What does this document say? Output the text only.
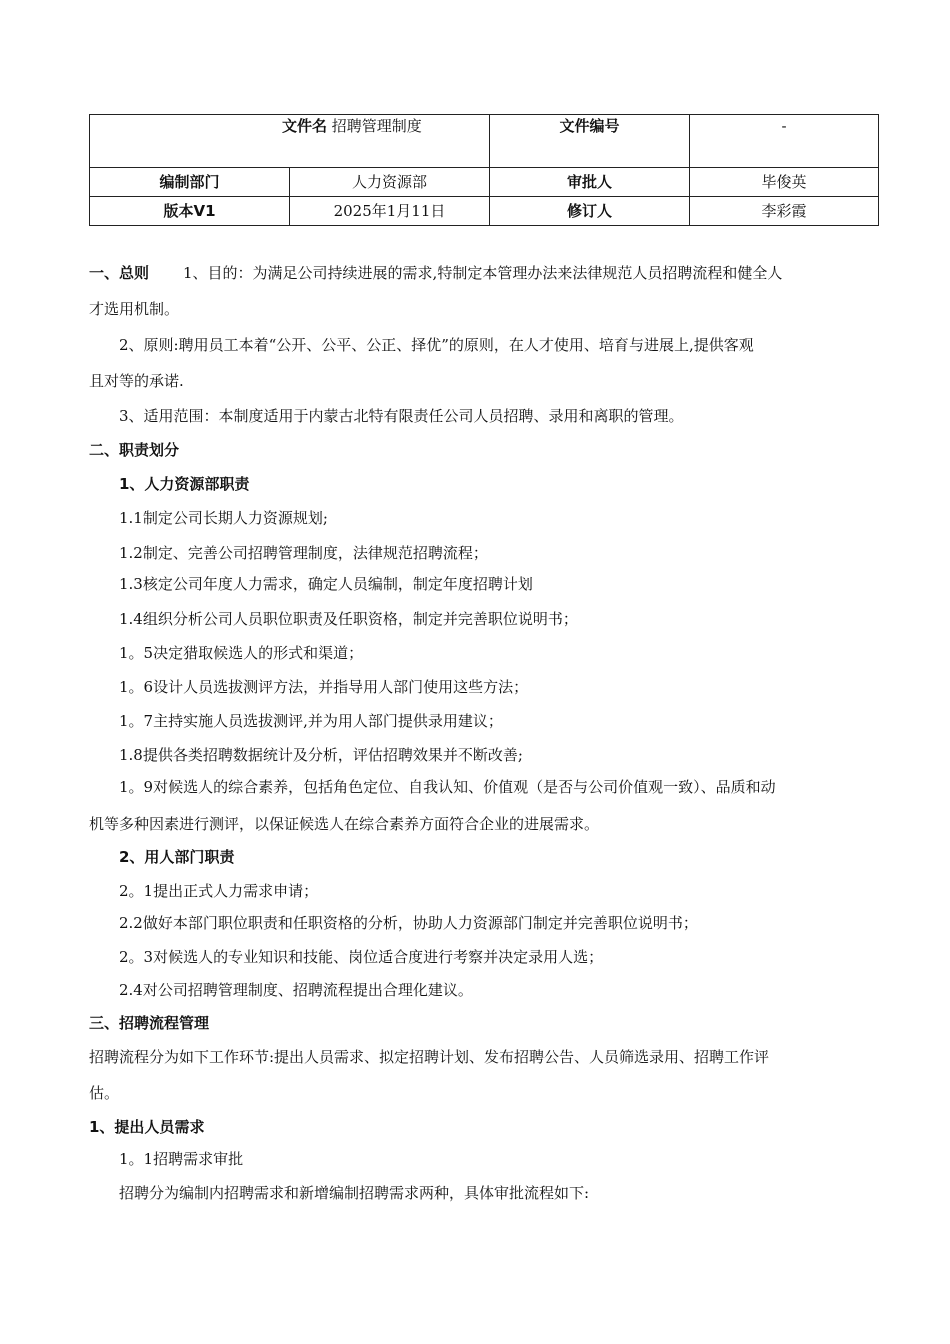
文件名 招聘管理制度		文件编号	-
编制部门	人力资源部	审批人	毕俊英
版本V1	2025年1月11日	修订人	李彩霞
一、总则 1、目的：为满足公司持续进展的需求,特制定本管理办法来法律规范人员招聘流程和健全人
才选用机制。
2、原则:聘用员工本着“公开、公平、公正、择优”的原则，在人才使用、培育与进展上,提供客观
且对等的承诺.
3、适用范围：本制度适用于内蒙古北特有限责任公司人员招聘、录用和离职的管理。
二、职责划分
1、人力资源部职责
1.1制定公司长期人力资源规划;
1.2制定、完善公司招聘管理制度，法律规范招聘流程；
1.3核定公司年度人力需求，确定人员编制，制定年度招聘计划
1.4组织分析公司人员职位职责及任职资格，制定并完善职位说明书；
1。5决定猎取候选人的形式和渠道；
1。6设计人员选拔测评方法，并指导用人部门使用这些方法；
1。7主持实施人员选拔测评,并为用人部门提供录用建议；
1.8提供各类招聘数据统计及分析，评估招聘效果并不断改善;
1。9对候选人的综合素养，包括角色定位、自我认知、价值观（是否与公司价值观一致）、品质和动
机等多种因素进行测评，以保证候选人在综合素养方面符合企业的进展需求。
2、用人部门职责
2。1提出正式人力需求申请；
2.2做好本部门职位职责和任职资格的分析，协助人力资源部门制定并完善职位说明书；
2。3对候选人的专业知识和技能、岗位适合度进行考察并决定录用人选；
2.4对公司招聘管理制度、招聘流程提出合理化建议。
三、招聘流程管理
招聘流程分为如下工作环节:提出人员需求、拟定招聘计划、发布招聘公告、人员筛选录用、招聘工作评
估。
1、提出人员需求
1。1招聘需求审批
招聘分为编制内招聘需求和新增编制招聘需求两种，具体审批流程如下:
